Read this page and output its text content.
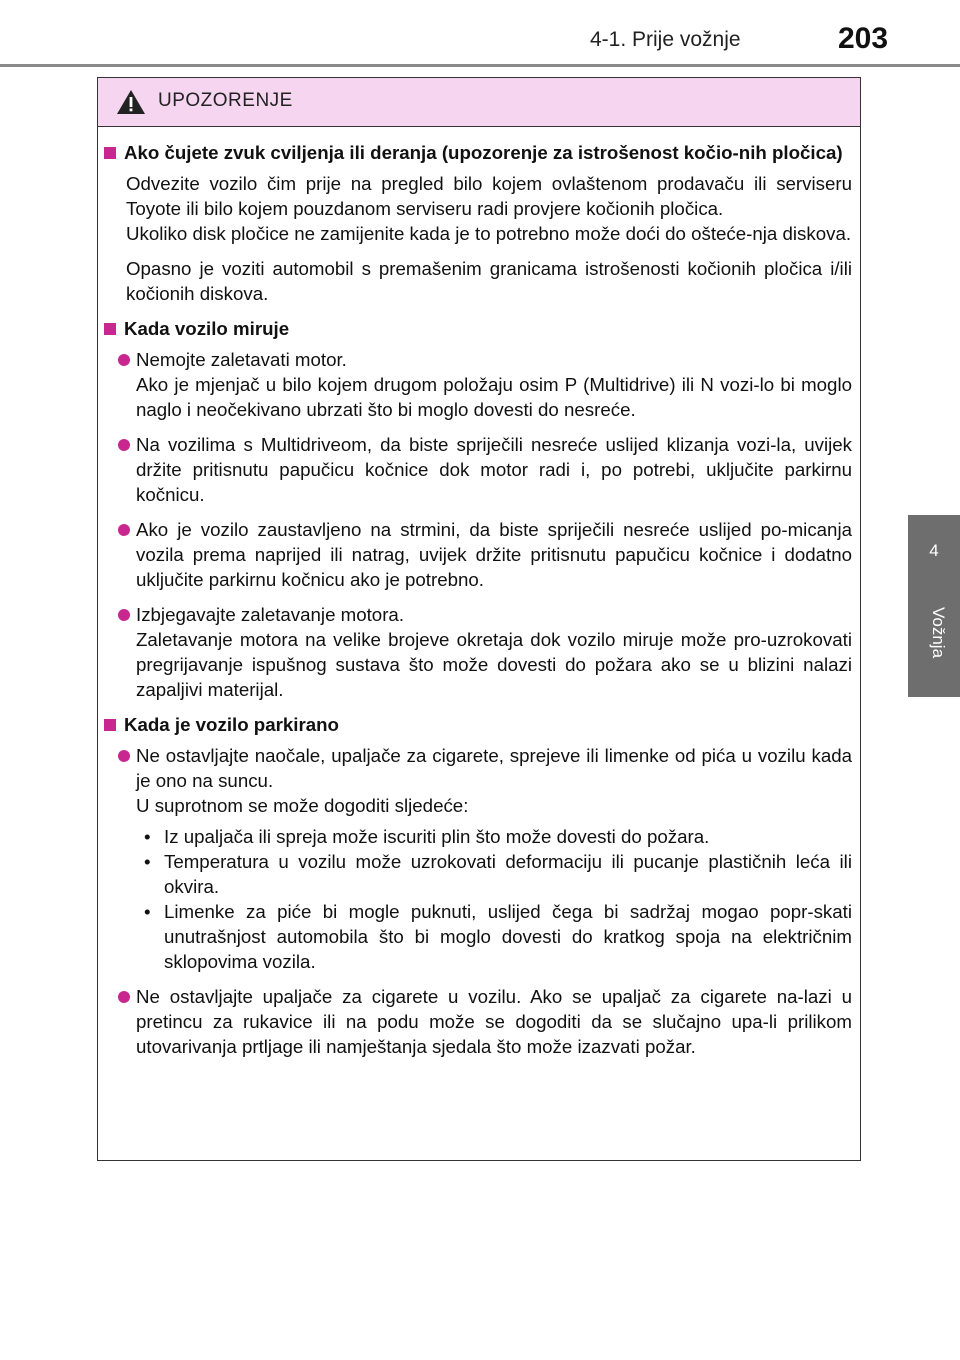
4-1. Prije vožnje	203
4
Vožnja
UPOZORENJE
Ako čujete zvuk cviljenja ili deranja (upozorenje za istrošenost kočio-nih pločica)
Odvezite vozilo čim prije na pregled bilo kojem ovlaštenom prodavaču ili serviseru Toyote ili bilo kojem pouzdanom serviseru radi provjere kočionih pločica.
Ukoliko disk pločice ne zamijenite kada je to potrebno može doći do ošteće-nja diskova.
Opasno je voziti automobil s premašenim granicama istrošenosti kočionih pločica i/ili kočionih diskova.
Kada vozilo miruje
Nemojte zaletavati motor.
Ako je mjenjač u bilo kojem drugom položaju osim P (Multidrive) ili N vozi-lo bi moglo naglo i neočekivano ubrzati što bi moglo dovesti do nesreće.
Na vozilima s Multidriveom, da biste spriječili nesreće uslijed klizanja vozi-la, uvijek držite pritisnutu papučicu kočnice dok motor radi i, po potrebi, uključite parkirnu kočnicu.
Ako je vozilo zaustavljeno na strmini, da biste spriječili nesreće uslijed po-micanja vozila prema naprijed ili natrag, uvijek držite pritisnutu papučicu kočnice i dodatno uključite parkirnu kočnicu ako je potrebno.
Izbjegavajte zaletavanje motora.
Zaletavanje motora na velike brojeve okretaja dok vozilo miruje može pro-uzrokovati pregrijavanje ispušnog sustava što može dovesti do požara ako se u blizini nalazi zapaljivi materijal.
Kada je vozilo parkirano
Ne ostavljajte naočale, upaljače za cigarete, sprejeve ili limenke od pića u vozilu kada je ono na suncu.
U suprotnom se može dogoditi sljedeće:
• Iz upaljača ili spreja može iscuriti plin što može dovesti do požara.
• Temperatura u vozilu može uzrokovati deformaciju ili pucanje plastičnih leća ili okvira.
• Limenke za piće bi mogle puknuti, uslijed čega bi sadržaj mogao popr-skati unutrašnjost automobila što bi moglo dovesti do kratkog spoja na električnim sklopovima vozila.
Ne ostavljajte upaljače za cigarete u vozilu. Ako se upaljač za cigarete na-lazi u pretincu za rukavice ili na podu može se dogoditi da se slučajno upa-li prilikom utovarivanja prtljage ili namještanja sjedala što može izazvati požar.
